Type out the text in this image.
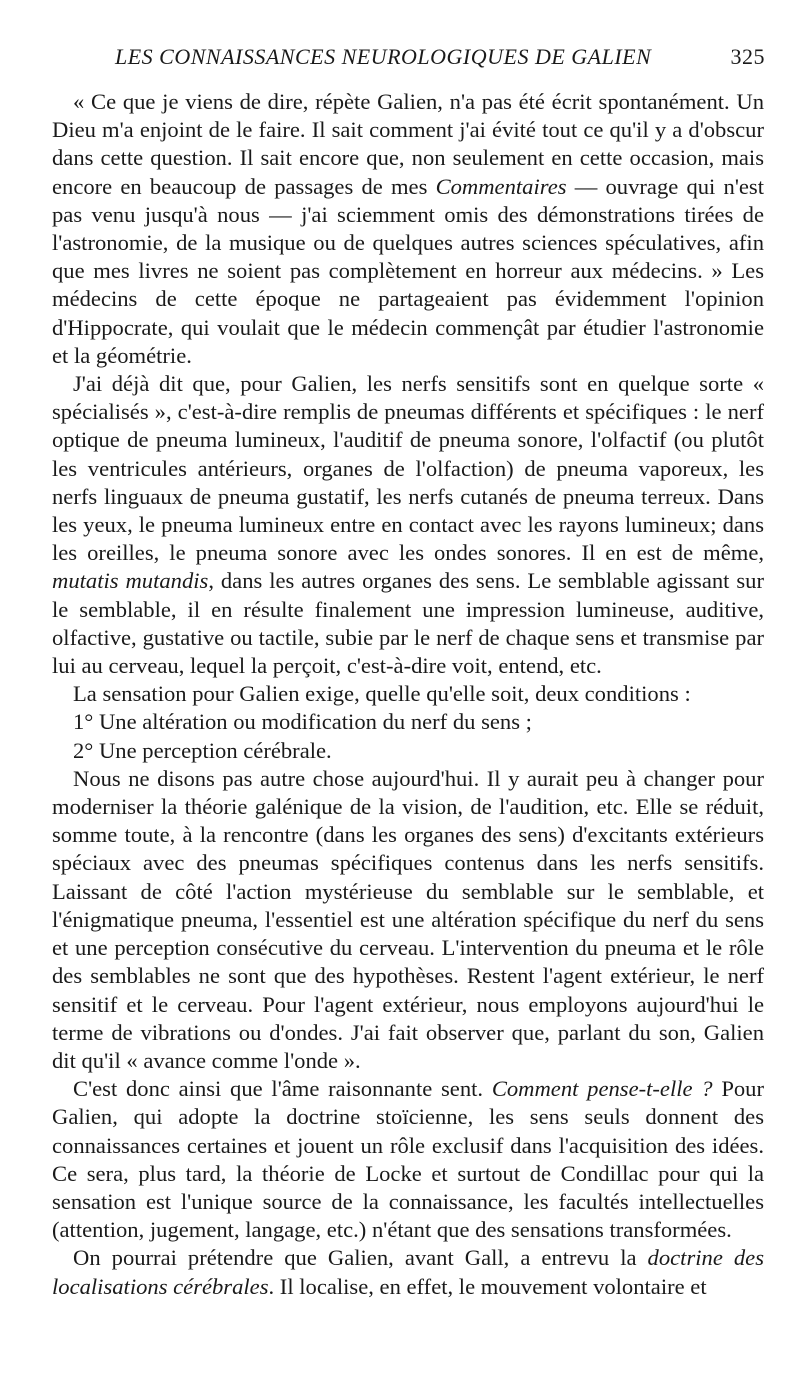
LES CONNAISSANCES NEUROLOGIQUES DE GALIEN	325

« Ce que je viens de dire, répète Galien, n'a pas été écrit spontanément. Un Dieu m'a enjoint de le faire. Il sait comment j'ai évité tout ce qu'il y a d'obscur dans cette question. Il sait encore que, non seulement en cette occasion, mais encore en beaucoup de passages de mes Commentaires — ouvrage qui n'est pas venu jusqu'à nous — j'ai sciemment omis des démonstrations tirées de l'astronomie, de la musique ou de quelques autres sciences spéculatives, afin que mes livres ne soient pas complètement en horreur aux médecins. » Les médecins de cette époque ne partageaient pas évidemment l'opinion d'Hippocrate, qui voulait que le médecin commençât par étudier l'astronomie et la géométrie.

J'ai déjà dit que, pour Galien, les nerfs sensitifs sont en quelque sorte « spécialisés », c'est-à-dire remplis de pneumas différents et spécifiques : le nerf optique de pneuma lumineux, l'auditif de pneuma sonore, l'olfactif (ou plutôt les ventricules antérieurs, organes de l'olfaction) de pneuma vaporeux, les nerfs linguaux de pneuma gustatif, les nerfs cutanés de pneuma terreux. Dans les yeux, le pneuma lumineux entre en contact avec les rayons lumineux; dans les oreilles, le pneuma sonore avec les ondes sonores. Il en est de même, mutatis mutandis, dans les autres organes des sens. Le semblable agissant sur le semblable, il en résulte finalement une impression lumineuse, auditive, olfactive, gustative ou tactile, subie par le nerf de chaque sens et transmise par lui au cerveau, lequel la perçoit, c'est-à-dire voit, entend, etc.

La sensation pour Galien exige, quelle qu'elle soit, deux conditions :

1° Une altération ou modification du nerf du sens ;

2° Une perception cérébrale.

Nous ne disons pas autre chose aujourd'hui. Il y aurait peu à changer pour moderniser la théorie galénique de la vision, de l'audition, etc. Elle se réduit, somme toute, à la rencontre (dans les organes des sens) d'excitants extérieurs spéciaux avec des pneumas spécifiques contenus dans les nerfs sensitifs. Laissant de côté l'action mystérieuse du semblable sur le semblable, et l'énigmatique pneuma, l'essentiel est une altération spécifique du nerf du sens et une perception consécutive du cerveau. L'intervention du pneuma et le rôle des semblables ne sont que des hypothèses. Restent l'agent extérieur, le nerf sensitif et le cerveau. Pour l'agent extérieur, nous employons aujourd'hui le terme de vibrations ou d'ondes. J'ai fait observer que, parlant du son, Galien dit qu'il « avance comme l'onde ».

C'est donc ainsi que l'âme raisonnante sent. Comment pense-t-elle ? Pour Galien, qui adopte la doctrine stoïcienne, les sens seuls donnent des connaissances certaines et jouent un rôle exclusif dans l'acquisition des idées. Ce sera, plus tard, la théorie de Locke et surtout de Condillac pour qui la sensation est l'unique source de la connaissance, les facultés intellectuelles (attention, jugement, langage, etc.) n'étant que des sensations transformées.

On pourrai prétendre que Galien, avant Gall, a entrevu la doctrine des localisations cérébrales. Il localise, en effet, le mouvement volontaire et
